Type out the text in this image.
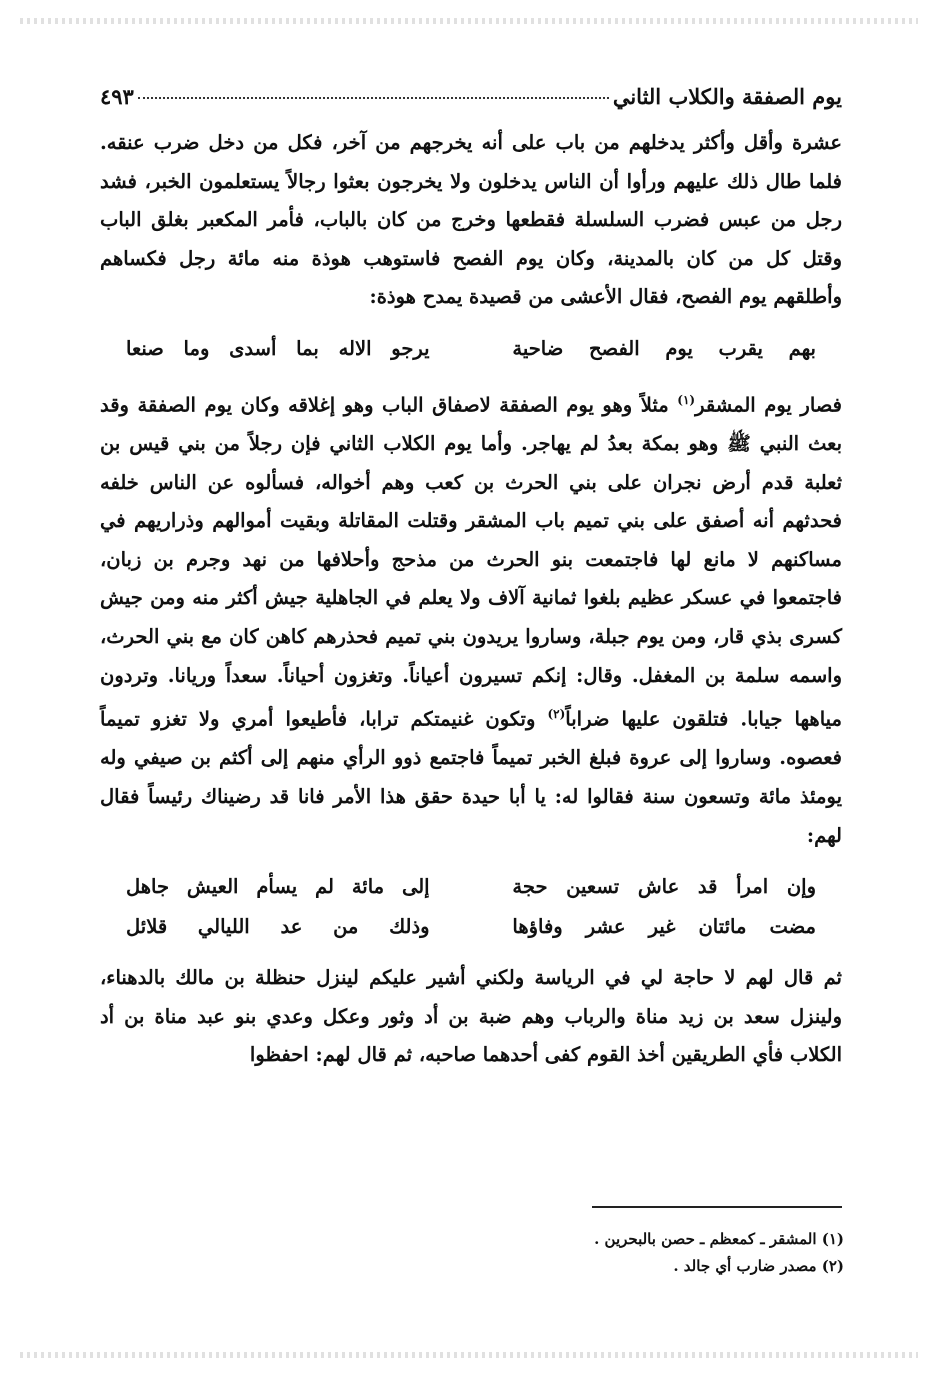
يوم الصفقة والكلاب الثاني
٤٩٣

عشرة وأقل وأكثر يدخلهم من باب على أنه يخرجهم من آخر، فكل من دخل ضرب عنقه. فلما طال ذلك عليهم ورأوا أن الناس يدخلون ولا يخرجون بعثوا رجالاً يستعلمون الخبر، فشد رجل من عبس فضرب السلسلة فقطعها وخرج من كان بالباب، فأمر المكعبر بغلق الباب وقتل كل من كان بالمدينة، وكان يوم الفصح فاستوهب هوذة منه مائة رجل فكساهم وأطلقهم يوم الفصح، فقال الأعشى من قصيدة يمدح هوذة:

بهم يقرب يوم الفصح ضاحية
يرجو الاله بما أسدى وما صنعا

فصار يوم المشقر$^{(١)}$ مثلاً وهو يوم الصفقة لاصفاق الباب وهو إغلاقه وكان يوم الصفقة وقد بعث النبي ﷺ وهو بمكة بعدُ لم يهاجر. وأما يوم الكلاب الثاني فإن رجلاً من بني قيس بن ثعلبة قدم أرض نجران على بني الحرث بن كعب وهم أخواله، فسألوه عن الناس خلفه فحدثهم أنه أصفق على بني تميم باب المشقر وقتلت المقاتلة وبقيت أموالهم وذراريهم في مساكنهم لا مانع لها فاجتمعت بنو الحرث من مذحج وأحلافها من نهد وجرم بن زبان، فاجتمعوا في عسكر عظيم بلغوا ثمانية آلاف ولا يعلم في الجاهلية جيش أكثر منه ومن جيش كسرى بذي قار، ومن يوم جبلة، وساروا يريدون بني تميم فحذرهم كاهن كان مع بني الحرث، واسمه سلمة بن المغفل. وقال: إنكم تسيرون أعياناً. وتغزون أحياناً. سعداً وريانا. وتردون مياهها جيابا. فتلقون عليها ضراباً$^{(٢)}$ وتكون غنيمتكم ترابا، فأطيعوا أمري ولا تغزو تميماً فعصوه. وساروا إلى عروة فبلغ الخبر تميماً فاجتمع ذوو الرأي منهم إلى أكثم بن صيفي وله يومئذ مائة وتسعون سنة فقالوا له: يا أبا حيدة حقق هذا الأمر فانا قد رضيناك رئيساً فقال لهم:

وإن امرأ قد عاش تسعين حجة
إلى مائة لم يسأم العيش جاهل
مضت مائتان غير عشر وفاؤها
وذلك من عد الليالي قلائل

ثم قال لهم لا حاجة لي في الرياسة ولكني أشير عليكم لينزل حنظلة بن مالك بالدهناء، ولينزل سعد بن زيد مناة والرباب وهم ضبة بن أد وثور وعكل وعدي بنو عبد مناة بن أد الكلاب فأي الطريقين أخذ القوم كفى أحدهما صاحبه، ثم قال لهم: احفظوا

(١) المشقر ـ كمعظم ـ حصن بالبحرين .
(٢) مصدر ضارب أي جالد .
